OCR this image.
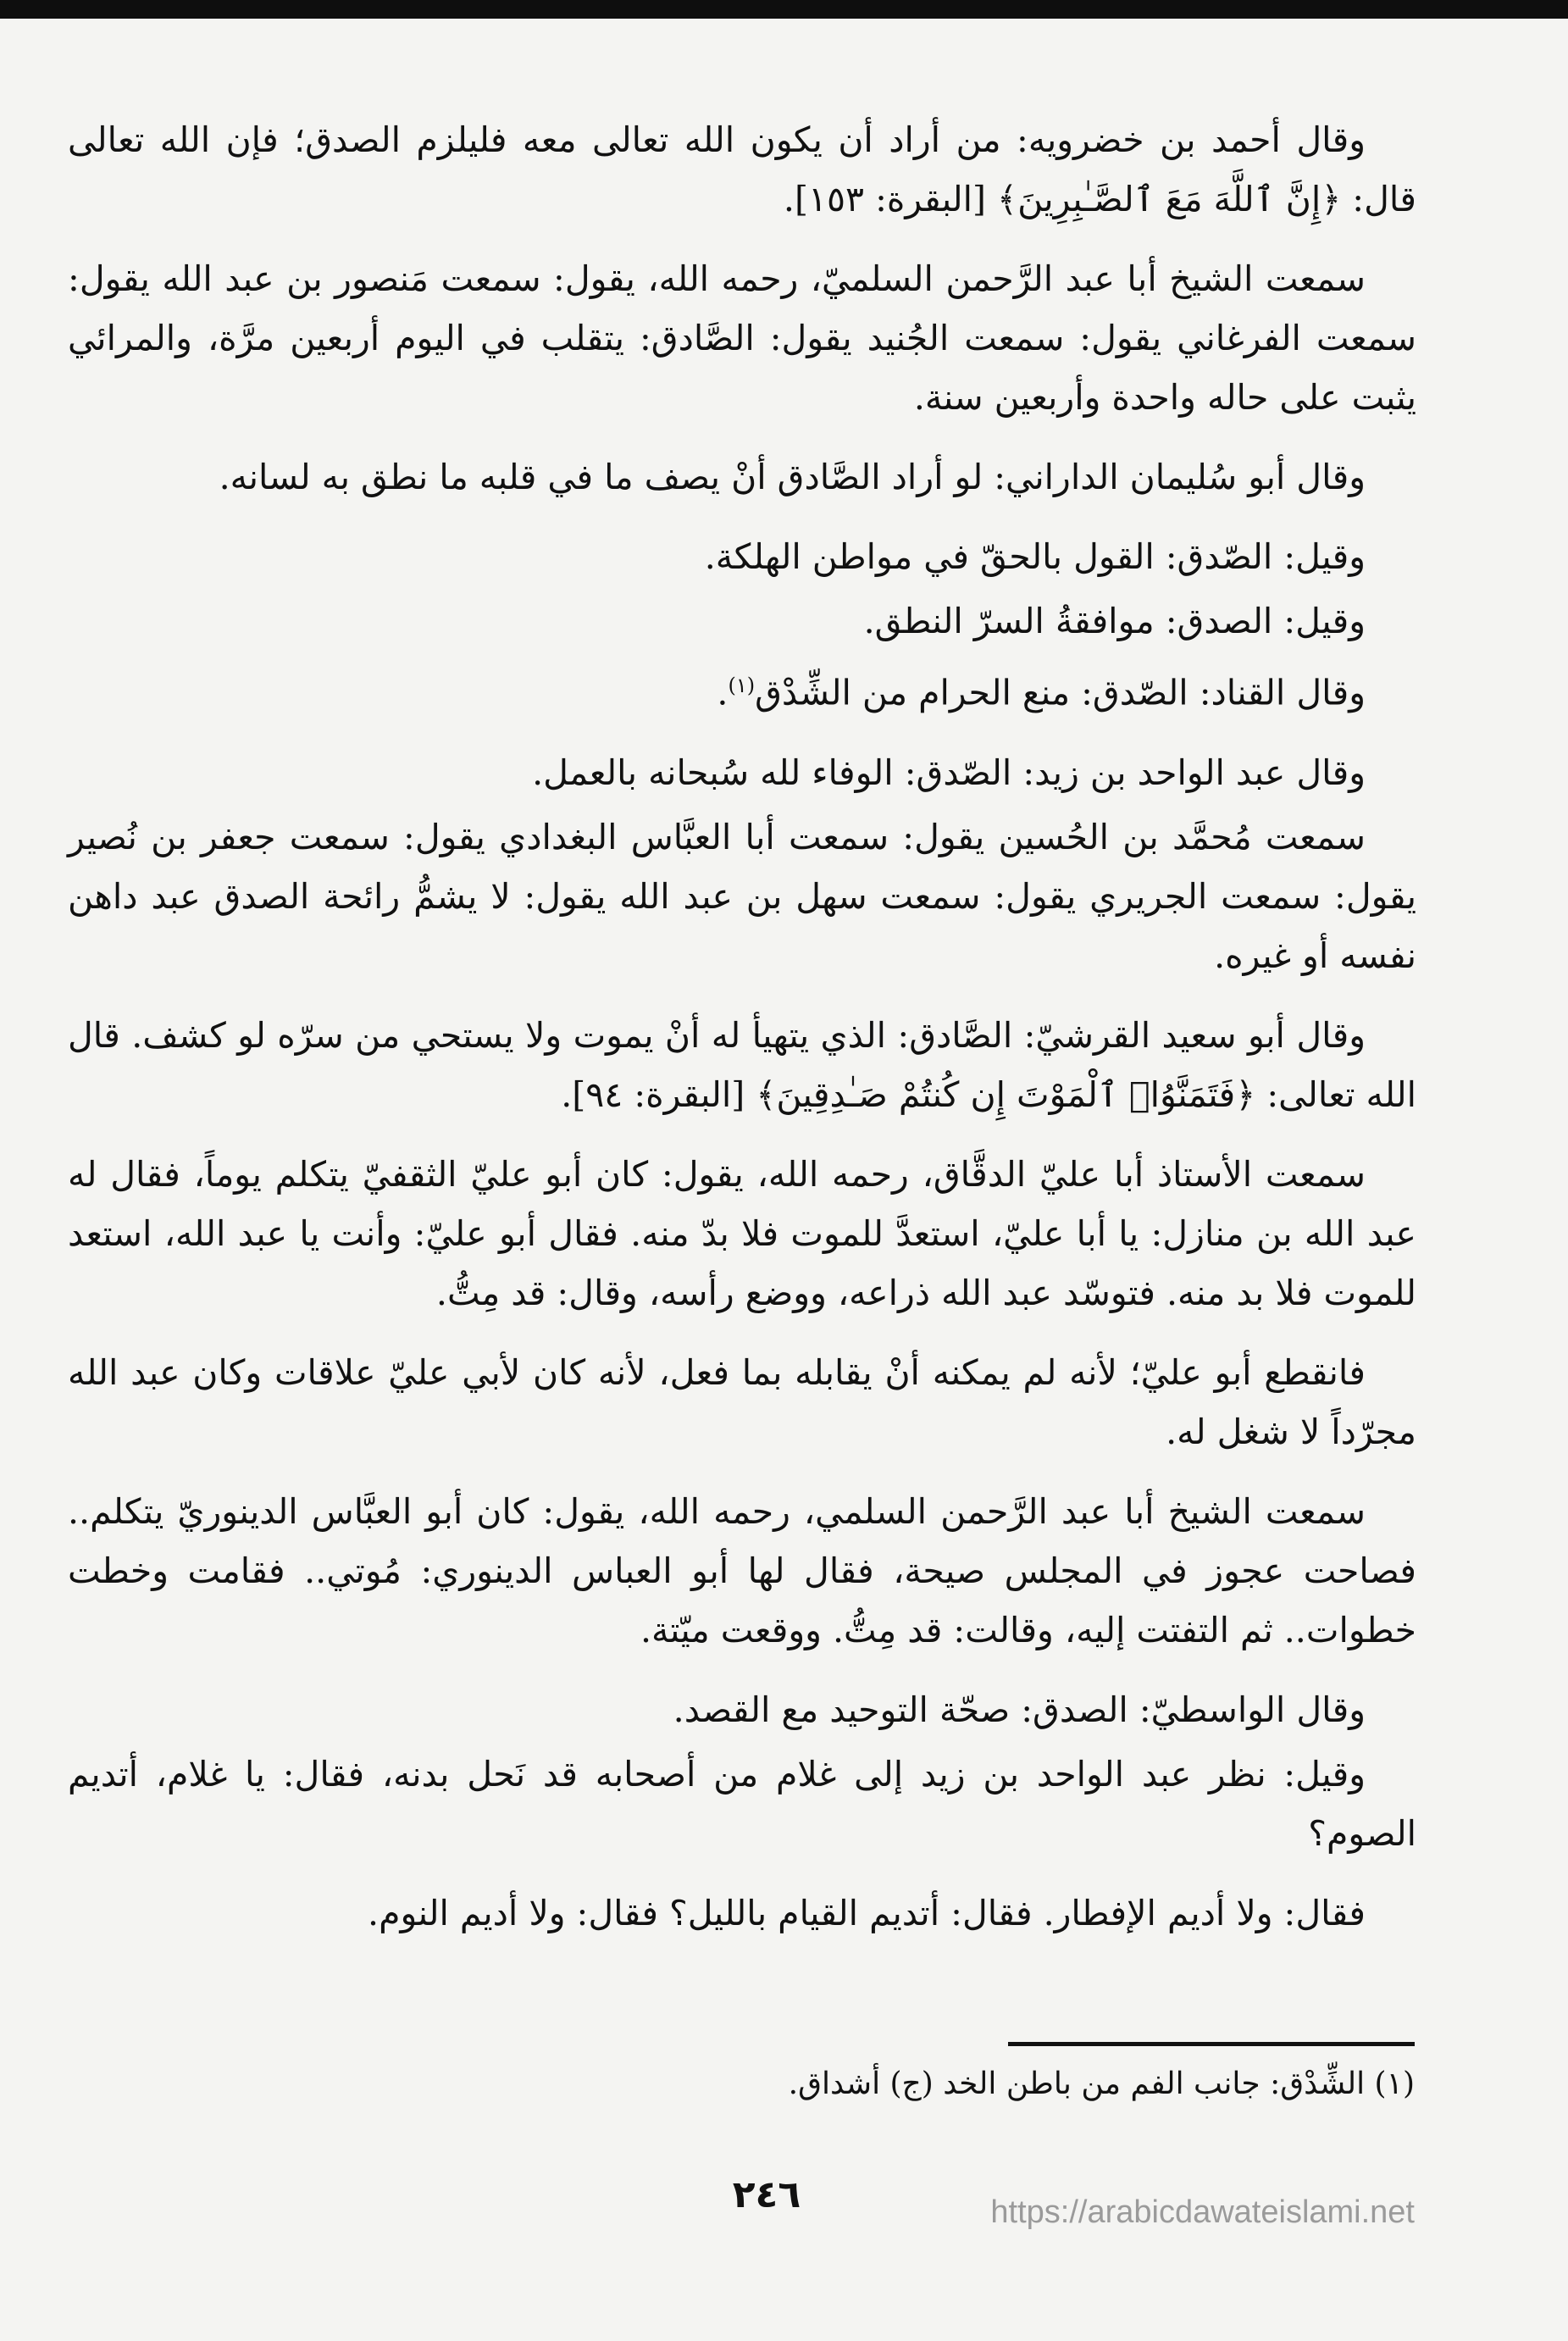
وقال أحمد بن خضرويه: من أراد أن يكون الله تعالى معه فليلزم الصدق؛ فإن الله تعالى قال: ﴿إِنَّ ٱللَّهَ مَعَ ٱلصَّـٰبِرِينَ﴾ [البقرة: ١٥٣].

سمعت الشيخ أبا عبد الرَّحمن السلميّ، رحمه الله، يقول: سمعت مَنصور بن عبد الله يقول: سمعت الفرغاني يقول: سمعت الجُنيد يقول: الصَّادق: يتقلب في اليوم أربعين مرَّة، والمرائي يثبت على حاله واحدة وأربعين سنة.

وقال أبو سُليمان الداراني: لو أراد الصَّادق أنْ يصف ما في قلبه ما نطق به لسانه.

وقيل: الصّدق: القول بالحقّ في مواطن الهلكة.

وقيل: الصدق: موافقةُ السرّ النطق.

وقال القناد: الصّدق: منع الحرام من الشِّدْق$^{(١)}$.

وقال عبد الواحد بن زيد: الصّدق: الوفاء لله سُبحانه بالعمل.

سمعت مُحمَّد بن الحُسين يقول: سمعت أبا العبَّاس البغدادي يقول: سمعت جعفر بن نُصير يقول: سمعت الجريري يقول: سمعت سهل بن عبد الله يقول: لا يشمُّ رائحة الصدق عبد داهن نفسه أو غيره.

وقال أبو سعيد القرشيّ: الصَّادق: الذي يتهيأ له أنْ يموت ولا يستحي من سرّه لو كشف. قال الله تعالى: ﴿فَتَمَنَّوُا۟ ٱلْمَوْتَ إِن كُنتُمْ صَـٰدِقِينَ﴾ [البقرة: ٩٤].

سمعت الأستاذ أبا عليّ الدقَّاق، رحمه الله، يقول: كان أبو عليّ الثقفيّ يتكلم يوماً، فقال له عبد الله بن منازل: يا أبا عليّ، استعدَّ للموت فلا بدّ منه. فقال أبو عليّ: وأنت يا عبد الله، استعد للموت فلا بد منه. فتوسّد عبد الله ذراعه، ووضع رأسه، وقال: قد مِتُّ.

فانقطع أبو عليّ؛ لأنه لم يمكنه أنْ يقابله بما فعل، لأنه كان لأبي عليّ علاقات وكان عبد الله مجرّداً لا شغل له.

سمعت الشيخ أبا عبد الرَّحمن السلمي، رحمه الله، يقول: كان أبو العبَّاس الدينوريّ يتكلم.. فصاحت عجوز في المجلس صيحة، فقال لها أبو العباس الدينوري: مُوتي.. فقامت وخطت خطوات.. ثم التفتت إليه، وقالت: قد مِتُّ. ووقعت ميّتة.

وقال الواسطيّ: الصدق: صحّة التوحيد مع القصد.

وقيل: نظر عبد الواحد بن زيد إلى غلام من أصحابه قد نَحل بدنه، فقال: يا غلام، أتديم الصوم؟

فقال: ولا أديم الإفطار. فقال: أتديم القيام بالليل؟ فقال: ولا أديم النوم.

(١) الشِّدْق: جانب الفم من باطن الخد (ج) أشداق.
٢٤٦	https://arabicdawateislami.net
